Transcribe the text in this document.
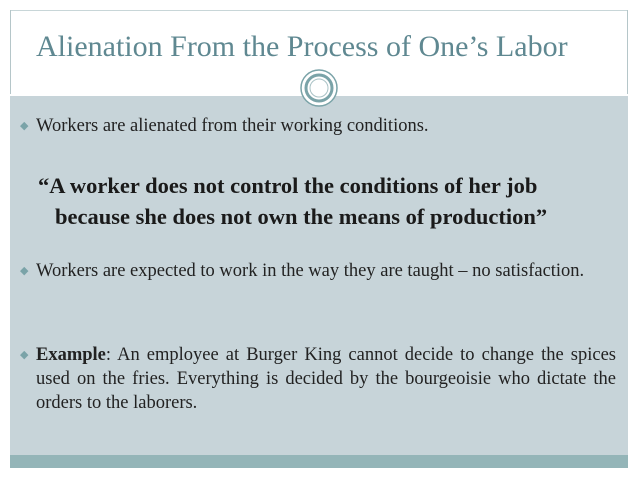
Alienation From the Process of One’s Labor
◆ Workers are alienated from their working conditions.
“A worker does not control the conditions of her job
because she does not own the means of production”
◆ Workers are expected to work in the way they are taught – no satisfaction.
◆ Example: An employee at Burger King cannot decide to change the spices used on the fries. Everything is decided by the bourgeoisie who dictate the orders to the laborers.
